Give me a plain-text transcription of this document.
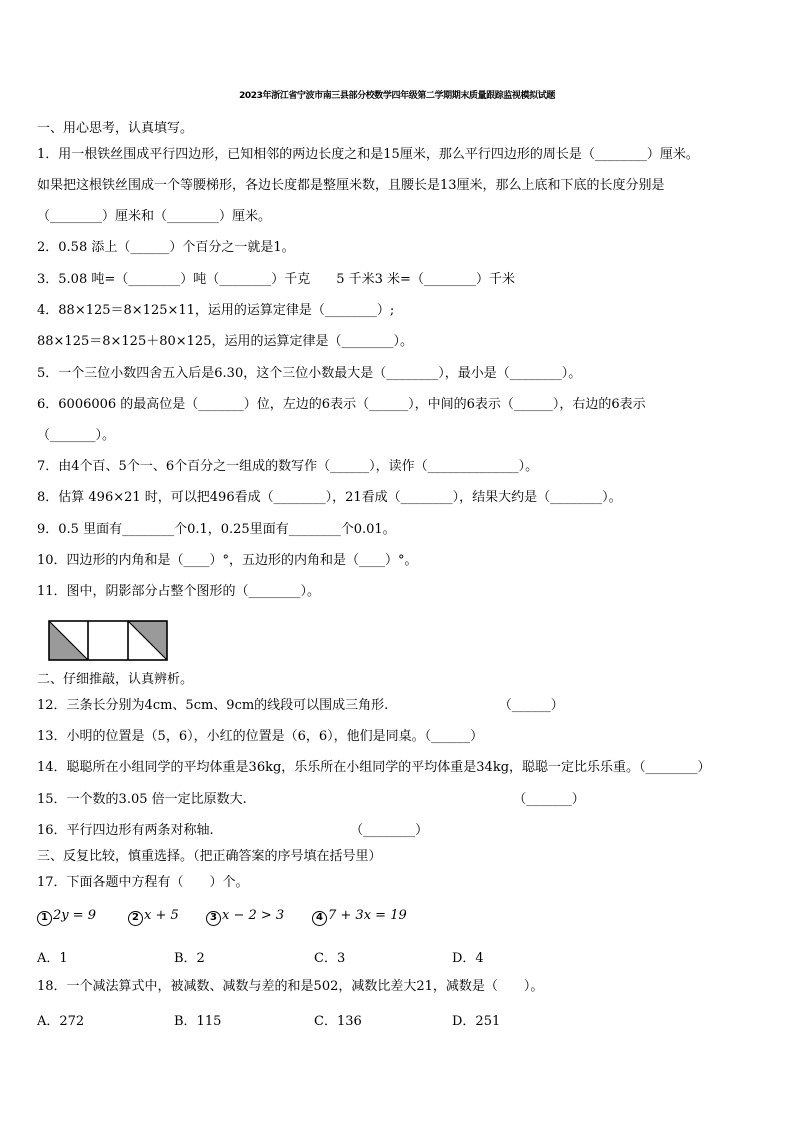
2023年浙江省宁波市南三县部分校数学四年级第二学期期末质量跟踪监视模拟试题
一、用心思考，认真填写。
1．用一根铁丝围成平行四边形，已知相邻的两边长度之和是15厘米，那么平行四边形的周长是（________）厘米。
如果把这根铁丝围成一个等腰梯形，各边长度都是整厘米数，且腰长是13厘米，那么上底和下底的长度分别是
（________）厘米和（________）厘米。
2．0.58 添上（______）个百分之一就是1。
3．5.08 吨=（________）吨（________）千克　　5 千米3 米=（________）千米
4．88×125＝8×125×11，运用的运算定律是（________）;
88×125＝8×125＋80×125，运用的运算定律是（________）。
5．一个三位小数四舍五入后是6.30，这个三位小数最大是（________），最小是（________）。
6．6006006 的最高位是（_______）位，左边的6表示（______），中间的6表示（______），右边的6表示
（_______）。
7．由4个百、5个一、6个百分之一组成的数写作（______），读作（______________）。
8．估算 496×21 时，可以把496看成（________），21看成（________），结果大约是（________）。
9．0.5 里面有________个0.1，0.25里面有________个0.01。
10．四边形的内角和是（____）°，五边形的内角和是（____）°。
11．图中，阴影部分占整个图形的（________）。
二、仔细推敲，认真辨析。
12．三条长分别为4cm、5cm、9cm的线段可以围成三角形.　　　　　　　　　（______）
13．小明的位置是（5，6），小红的位置是（6，6），他们是同桌。（______）
14．聪聪所在小组同学的平均体重是36kg，乐乐所在小组同学的平均体重是34kg，聪聪一定比乐乐重。（________）
15．一个数的3.05 倍一定比原数大.　　　　　　　　　　　　　　　　　　　　　（_______）
16．平行四边形有两条对称轴.　　　　　　　　　　　（________）
三、反复比较，慎重选择。（把正确答案的序号填在括号里）
17．下面各题中方程有（　　）个。
1 2y = 9	2 x + 5	3 x − 2 > 3	4 7 + 3x = 19
A．1	B．2	C．3	D．4
18．一个减法算式中，被减数、减数与差的和是502，减数比差大21，减数是（　　）。
A．272	B．115	C．136	D．251
